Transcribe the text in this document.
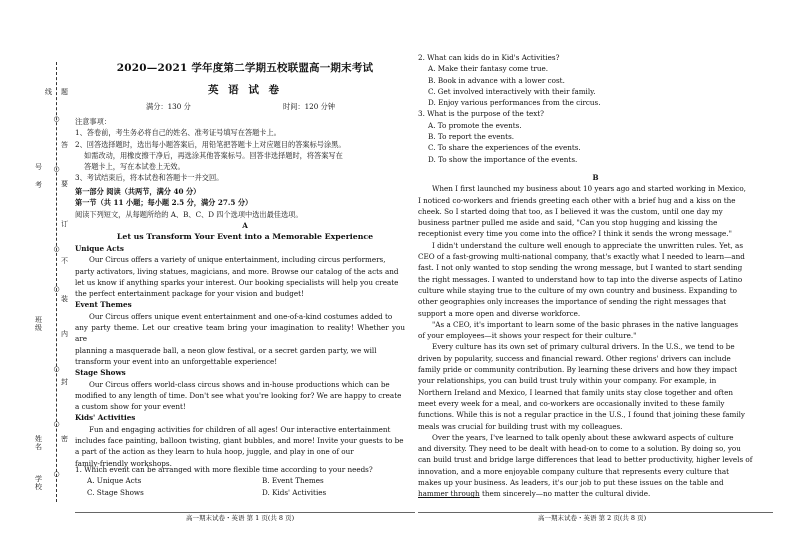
线 题
号
答
要
考
订
不
装
内
班级
封
姓名
密
学校
○
○
○
○
○
○
○
2020—2021 学年度第二学期五校联盟高一期末考试
英 语 试 卷
满分：130 分	时间：120 分钟

注意事项：

1、答卷前，考生务必将自己的姓名、准考证号填写在答题卡上。

2、回答选择题时，选出每小题答案后，用铅笔把答题卡上对应题目的答案标号涂黑。

如需改动，用橡皮擦干净后，再选涂其他答案标号。回答非选择题时，将答案写在

答题卡上，写在本试卷上无效。

3、考试结束后，将本试卷和答题卡一并交回。

第一部分 阅读（共两节，满分 40 分）

第一节（共 11 小题；每小题 2.5 分，满分 27.5 分）

阅读下列短文，从每题所给的 A、B、C、D 四个选项中选出最佳选项。

A

Let us Transform Your Event into a Memorable Experience

Unique Acts

Our Circus offers a variety of unique entertainment, including circus performers,

party activators, living statues, magicians, and more. Browse our catalog of the acts and

let us know if anything sparks your interest. Our booking specialists will help you create

the perfect entertainment package for your vision and budget!

Event Themes

Our Circus offers unique event entertainment and one-of-a-kind costumes added to

any party theme. Let our creative team bring your imagination to reality! Whether you are

planning a masquerade ball, a neon glow festival, or a secret garden party, we will

transform your event into an unforgettable experience!

Stage Shows

Our Circus offers world-class circus shows and in-house productions which can be

modified to any length of time. Don't see what you're looking for? We are happy to create

a custom show for your event!

Kids' Activities

Fun and engaging activities for children of all ages! Our interactive entertainment

includes face painting, balloon twisting, giant bubbles, and more! Invite your guests to be

a part of the action as they learn to hula hoop, juggle, and play in one of our

family-friendly workshops.

1. Which event can be arranged with more flexible time according to your needs?

A. Unique Acts	B. Event Themes

C. Stage Shows	D. Kids' Activities

2. What can kids do in Kid's Activities?

A. Make their fantasy come true.

B. Book in advance with a lower cost.

C. Get involved interactively with their family.

D. Enjoy various performances from the circus.

3. What is the purpose of the text?

A. To promote the events.

B. To report the events.

C. To share the experiences of the events.

D. To show the importance of the events.

B

When I first launched my business about 10 years ago and started working in Mexico,

I noticed co-workers and friends greeting each other with a brief hug and a kiss on the

cheek. So I started doing that too, as I believed it was the custom, until one day my

business partner pulled me aside and said, "Can you stop hugging and kissing the

receptionist every time you come into the office? I think it sends the wrong message."

I didn't understand the culture well enough to appreciate the unwritten rules. Yet, as

CEO of a fast-growing multi-national company, that's exactly what I needed to learn—and

fast. I not only wanted to stop sending the wrong message, but I wanted to start sending

the right messages. I wanted to understand how to tap into the diverse aspects of Latino

culture while staying true to the culture of my own country and business. Expanding to

other geographies only increases the importance of sending the right messages that

support a more open and diverse workforce.

"As a CEO, it's important to learn some of the basic phrases in the native languages

of your employees—it shows your respect for their culture."

Every culture has its own set of primary cultural drivers. In the U.S., we tend to be

driven by popularity, success and financial reward. Other regions' drivers can include

family pride or community contribution. By learning these drivers and how they impact

your relationships, you can build trust truly within your company. For example, in

Northern Ireland and Mexico, I learned that family units stay close together and often

meet every week for a meal, and co-workers are occasionally invited to these family

functions. While this is not a regular practice in the U.S., I found that joining these family

meals was crucial for building trust with my colleagues.

Over the years, I've learned to talk openly about these awkward aspects of culture

and diversity. They need to be dealt with head-on to come to a solution. By doing so, you

can build trust and bridge large differences that lead to better productivity, higher levels of

innovation, and a more enjoyable company culture that represents every culture that

makes up your business. As leaders, it's our job to put these issues on the table and

hammer through them sincerely—no matter the cultural divide.

高一期末试卷・英语 第 1 页(共 8 页)	高一期末试卷・英语 第 2 页(共 8 页)
